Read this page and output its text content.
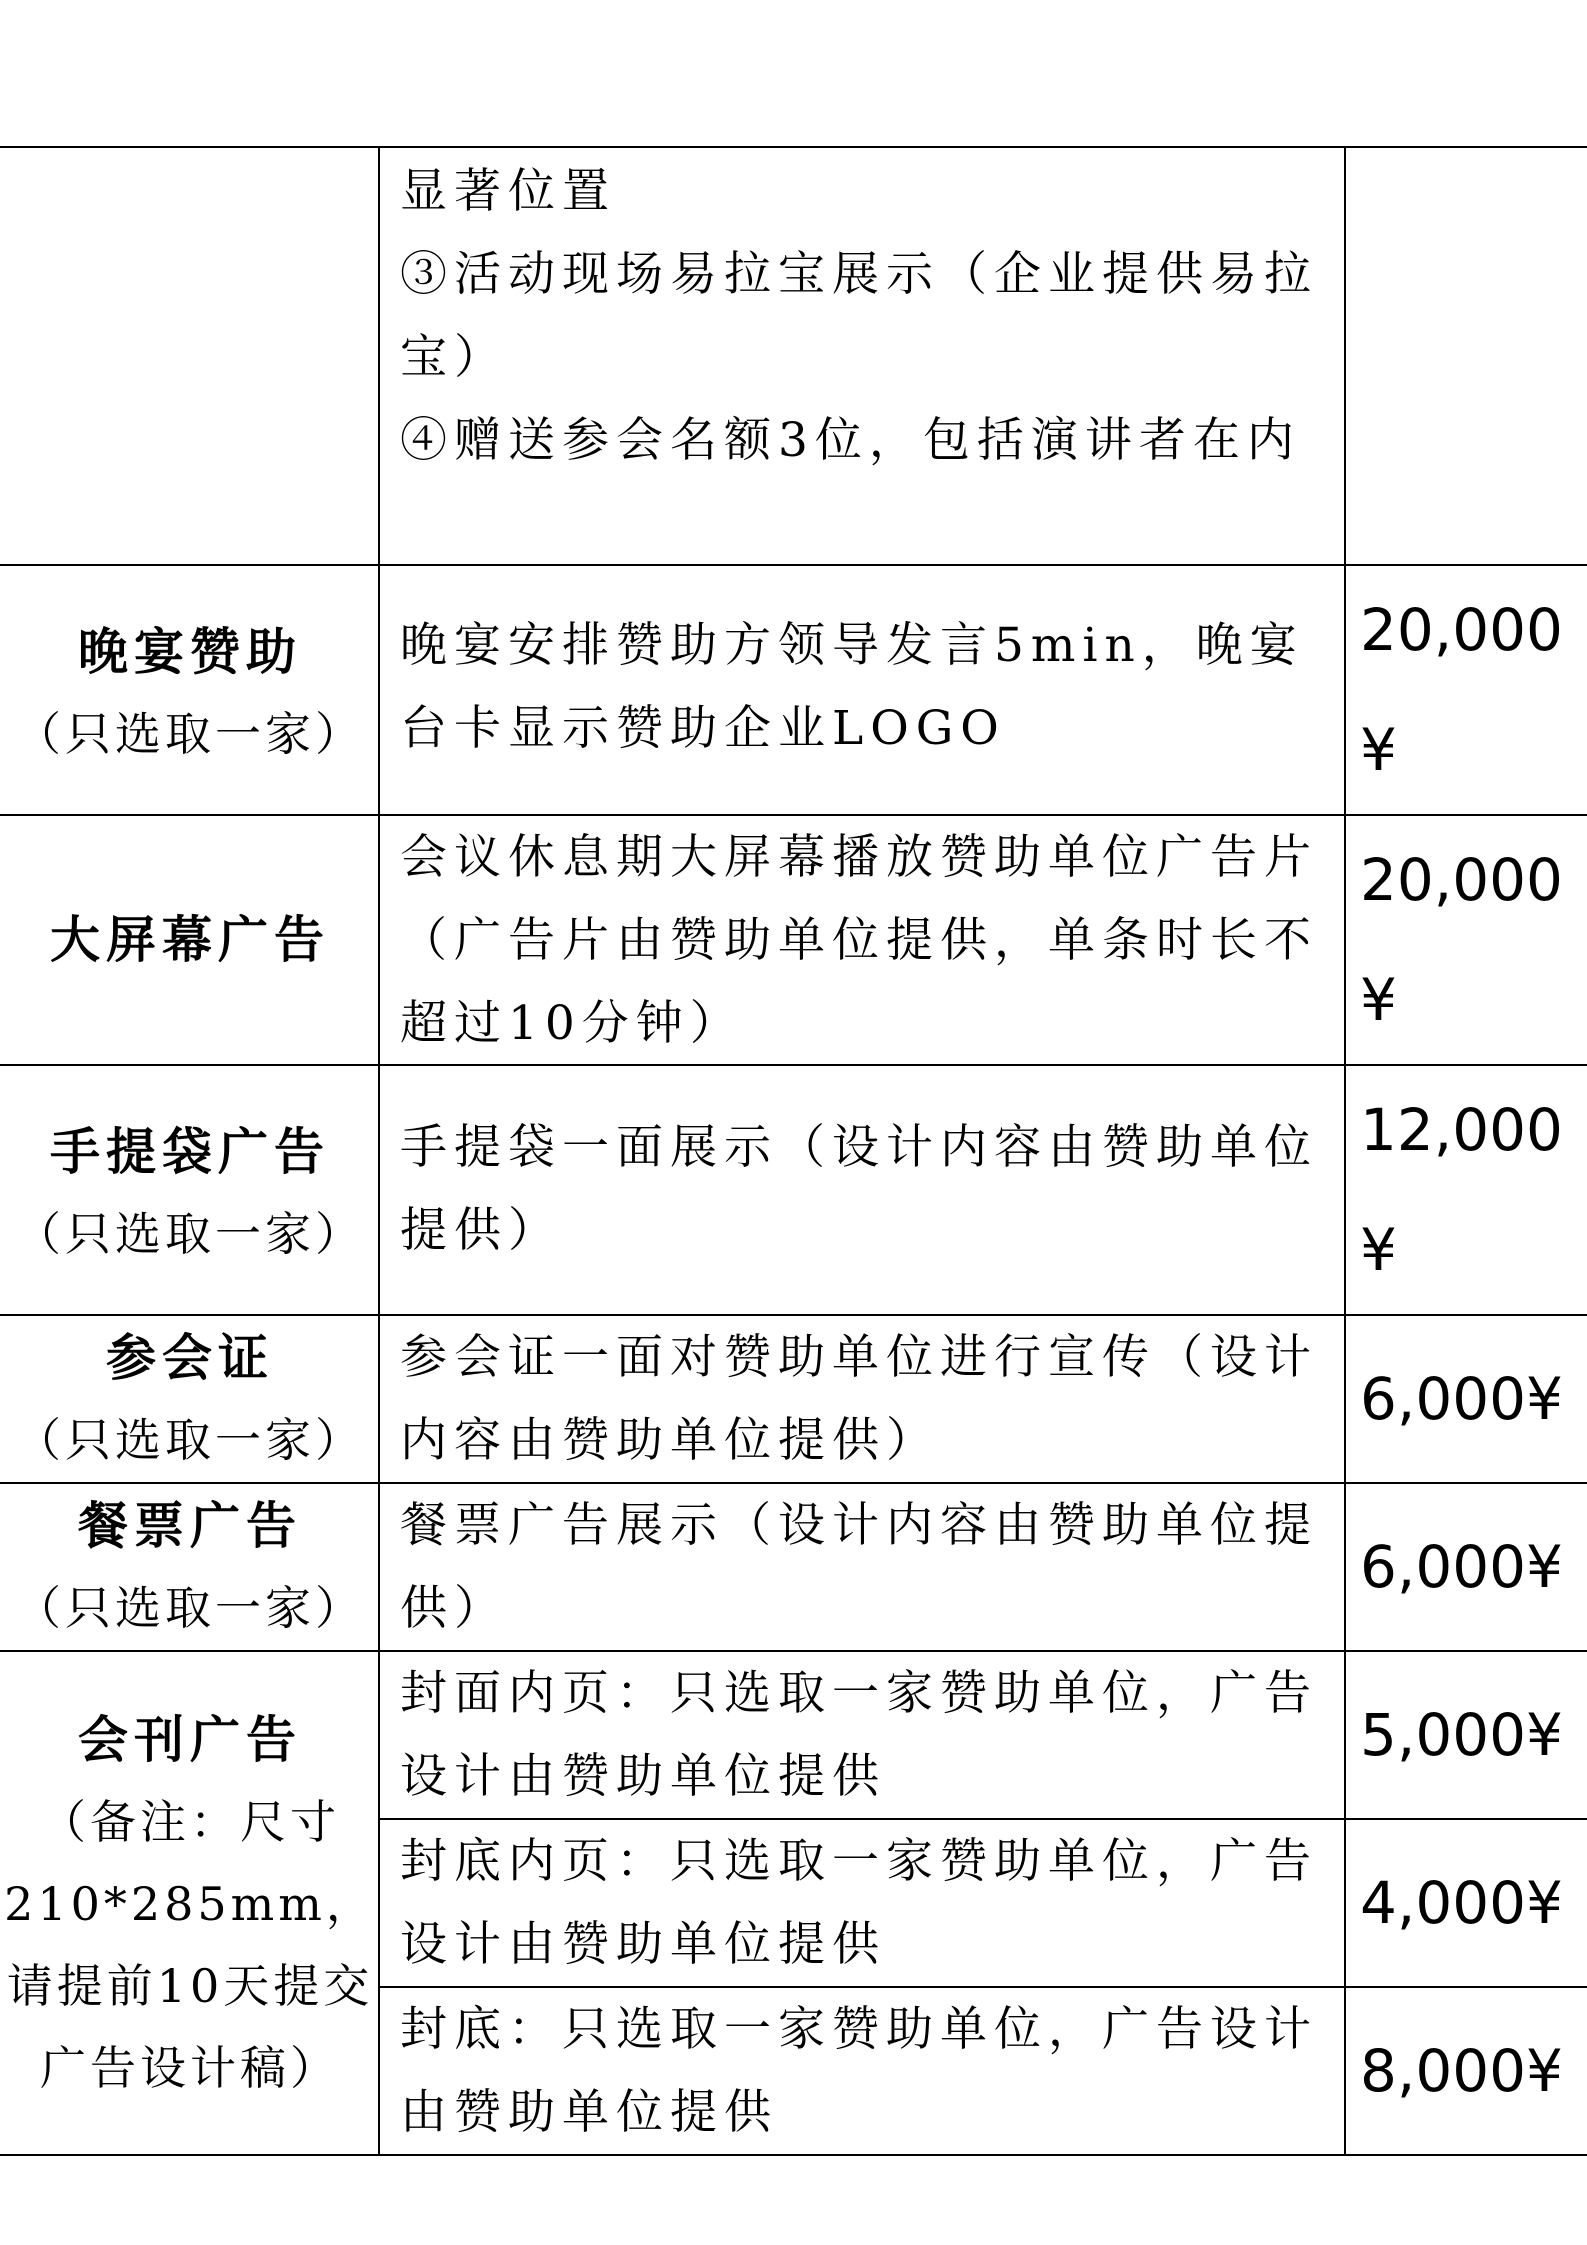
显著位置
③活动现场易拉宝展示（企业提供易拉宝）
④赠送参会名额3位，包括演讲者在内

晚宴赞助
（只选取一家）

晚宴安排赞助方领导发言5min，晚宴台卡显示赞助企业LOGO

20,000
¥
大屏幕广告

会议休息期大屏幕播放赞助单位广告片（广告片由赞助单位提供，单条时长不超过10分钟）

20,000
¥
手提袋广告
（只选取一家）

手提袋一面展示（设计内容由赞助单位提供）

12,000
¥
参会证
（只选取一家）

参会证一面对赞助单位进行宣传（设计内容由赞助单位提供）

6,000¥
餐票广告
（只选取一家）

餐票广告展示（设计内容由赞助单位提供）

6,000¥
会刊广告
（备注：尺寸210*285mm，请提前10天提交广告设计稿）

封面内页：只选取一家赞助单位，广告设计由赞助单位提供

5,000¥

封底内页：只选取一家赞助单位，广告设计由赞助单位提供

4,000¥

封底：只选取一家赞助单位，广告设计由赞助单位提供

8,000¥
